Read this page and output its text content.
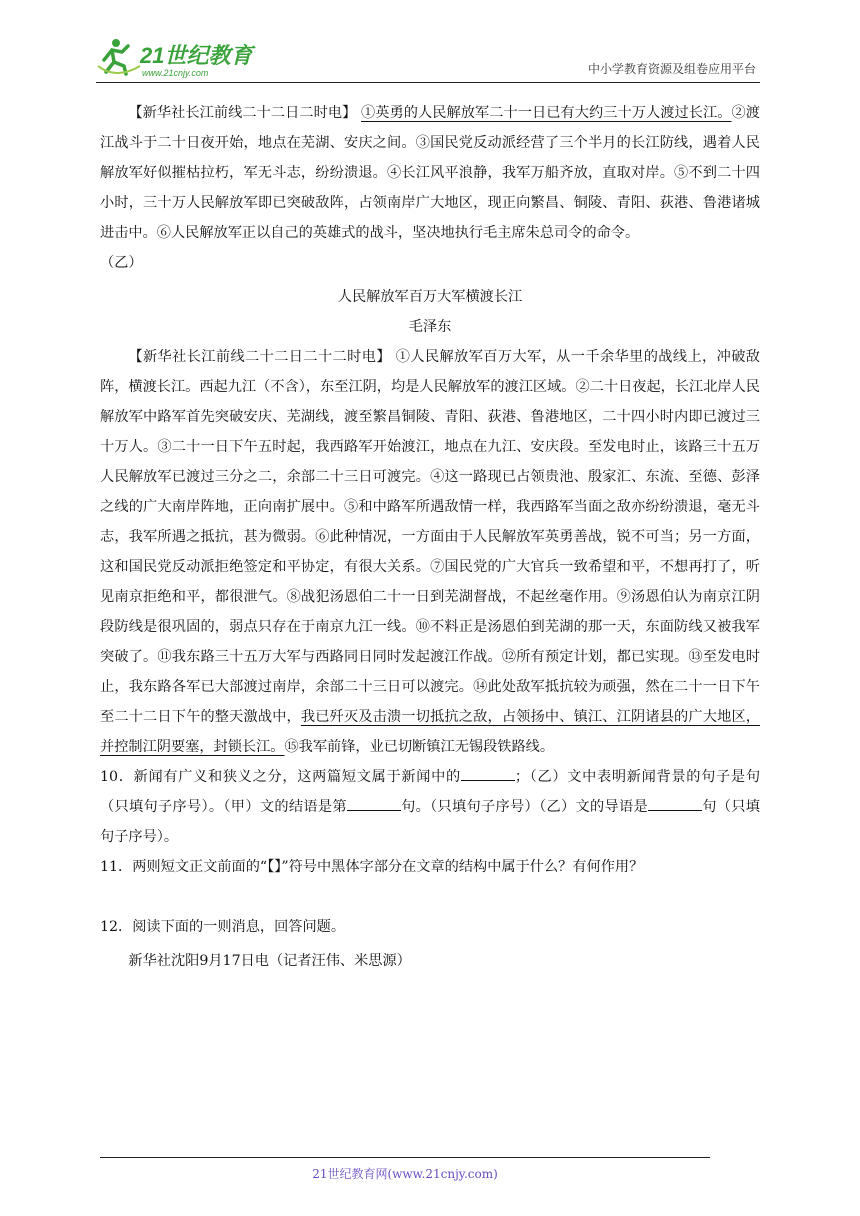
21世纪教育
www.21cnjy.com	中小学教育资源及组卷应用平台

【新华社长江前线二十二日二时电】 ①英勇的人民解放军二十一日已有大约三十万人渡过长江。②渡江战斗于二十日夜开始，地点在芜湖、安庆之间。③国民党反动派经营了三个半月的长江防线，遇着人民解放军好似摧枯拉朽，军无斗志，纷纷溃退。④长江风平浪静，我军万船齐放，直取对岸。⑤不到二十四小时，三十万人民解放军即已突破敌阵，占领南岸广大地区，现正向繁昌、铜陵、青阳、荻港、鲁港诸城进击中。⑥人民解放军正以自己的英雄式的战斗，坚决地执行毛主席朱总司令的命令。

（乙）

人民解放军百万大军横渡长江

毛泽东

【新华社长江前线二十二日二十二时电】 ①人民解放军百万大军，从一千余华里的战线上，冲破敌阵，横渡长江。西起九江（不含），东至江阴，均是人民解放军的渡江区域。②二十日夜起，长江北岸人民解放军中路军首先突破安庆、芜湖线，渡至繁昌铜陵、青阳、荻港、鲁港地区，二十四小时内即已渡过三十万人。③二十一日下午五时起，我西路军开始渡江，地点在九江、安庆段。至发电时止，该路三十五万人民解放军已渡过三分之二，余部二十三日可渡完。④这一路现已占领贵池、殷家汇、东流、至德、彭泽之线的广大南岸阵地，正向南扩展中。⑤和中路军所遇敌情一样，我西路军当面之敌亦纷纷溃退，毫无斗志，我军所遇之抵抗，甚为微弱。⑥此种情况，一方面由于人民解放军英勇善战，锐不可当；另一方面，这和国民党反动派拒绝签定和平协定，有很大关系。⑦国民党的广大官兵一致希望和平，不想再打了，听见南京拒绝和平，都很泄气。⑧战犯汤恩伯二十一日到芜湖督战，不起丝毫作用。⑨汤恩伯认为南京江阴段防线是很巩固的，弱点只存在于南京九江一线。⑩不料正是汤恩伯到芜湖的那一天，东面防线又被我军突破了。⑪我东路三十五万大军与西路同日同时发起渡江作战。⑫所有预定计划，都已实现。⑬至发电时止，我东路各军已大部渡过南岸，余部二十三日可以渡完。⑭此处敌军抵抗较为顽强，然在二十一日下午至二十二日下午的整天激战中，我已歼灭及击溃一切抵抗之敌，占领扬中、镇江、江阴诸县的广大地区，并控制江阴要塞，封锁长江。⑮我军前锋，业已切断镇江无锡段铁路线。

10．新闻有广义和狭义之分，这两篇短文属于新闻中的	；（乙）文中表明新闻背景的句子是句（只填句子序号）。（甲）文的结语是第	句。（只填句子序号）（乙）文的导语是	句（只填句子序号）。

11．两则短文正文前面的“【】”符号中黑体字部分在文章的结构中属于什么？有何作用？

12．阅读下面的一则消息，回答问题。

新华社沈阳9月17日电（记者汪伟、米思源）

21世纪教育网(www.21cnjy.com)
